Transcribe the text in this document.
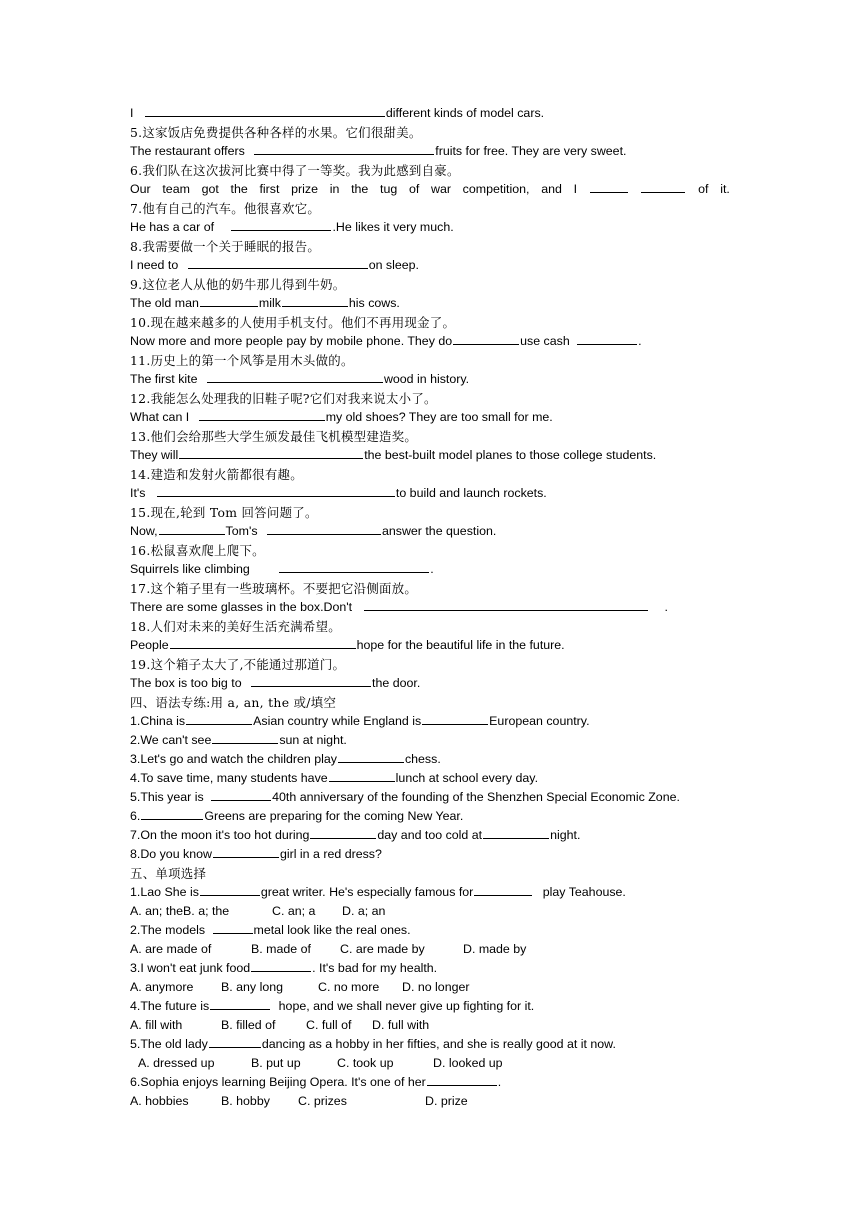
I	different kinds of model cars.
5.这家饭店免费提供各种各样的水果。它们很甜美。
The restaurant offers	fruits for free. They are very sweet.
6.我们队在这次拔河比赛中得了一等奖。我为此感到自豪。
Our team got the first prize in the tug of war competition, and I	of it.
7.他有自己的汽车。他很喜欢它。
He has a car of	.He likes it very much.
8.我需要做一个关于睡眠的报告。
I need to	on sleep.
9.这位老人从他的奶牛那儿得到牛奶。
The old man	milk	his cows.
10.现在越来越多的人使用手机支付。他们不再用现金了。
Now more and more people pay by mobile phone. They do	use cash	.
11.历史上的第一个风筝是用木头做的。
The first kite	wood in history.
12.我能怎么处理我的旧鞋子呢?它们对我来说太小了。
What can I	my old shoes? They are too small for me.
13.他们会给那些大学生颁发最佳飞机模型建造奖。
They will	the best-built model planes to those college students.
14.建造和发射火箭都很有趣。
It's	to build and launch rockets.
15.现在,轮到 Tom 回答问题了。
Now,	Tom's	answer the question.
16.松鼠喜欢爬上爬下。
Squirrels like climbing	.
17.这个箱子里有一些玻璃杯。不要把它沿侧面放。
There are some glasses in the box.Don't	.
18.人们对未来的美好生活充满希望。
People	hope for the beautiful life in the future.
19.这个箱子太大了,不能通过那道门。
The box is too big to	the door.
四、语法专练:用 a, an, the 或/填空
1.China is	Asian country while England is	European country.
2.We can't see	sun at night.
3.Let's go and watch the children play	chess.
4.To save time, many students have	lunch at school every day.
5.This year is	40th anniversary of the founding of the Shenzhen Special Economic Zone.
6.	Greens are preparing for the coming New Year.
7.On the moon it's too hot during	day and too cold at	night.
8.Do you know	girl in a red dress?
五、单项选择
1.Lao She is	great writer. He's especially famous for	play Teahouse.
A. an; theB. a; the	C. an; a D. a; an
2.The models	metal look like the real ones.
A. are made of	B. made of C. are made by	D. made by
3.I won't eat junk food	. It's bad for my health.
A. anymore B. any long	C. no more D. no longer
4.The future is	hope, and we shall never give up fighting for it.
A. fill with	B. filled of C. full of D. full with
5.The old lady	dancing as a hobby in her fifties, and she is really good at it now.
A. dressed up	B. put up	C. took up	D. looked up
6.Sophia enjoys learning Beijing Opera. It's one of her	.
A. hobbies	B. hobby C. prizes	D. prize
